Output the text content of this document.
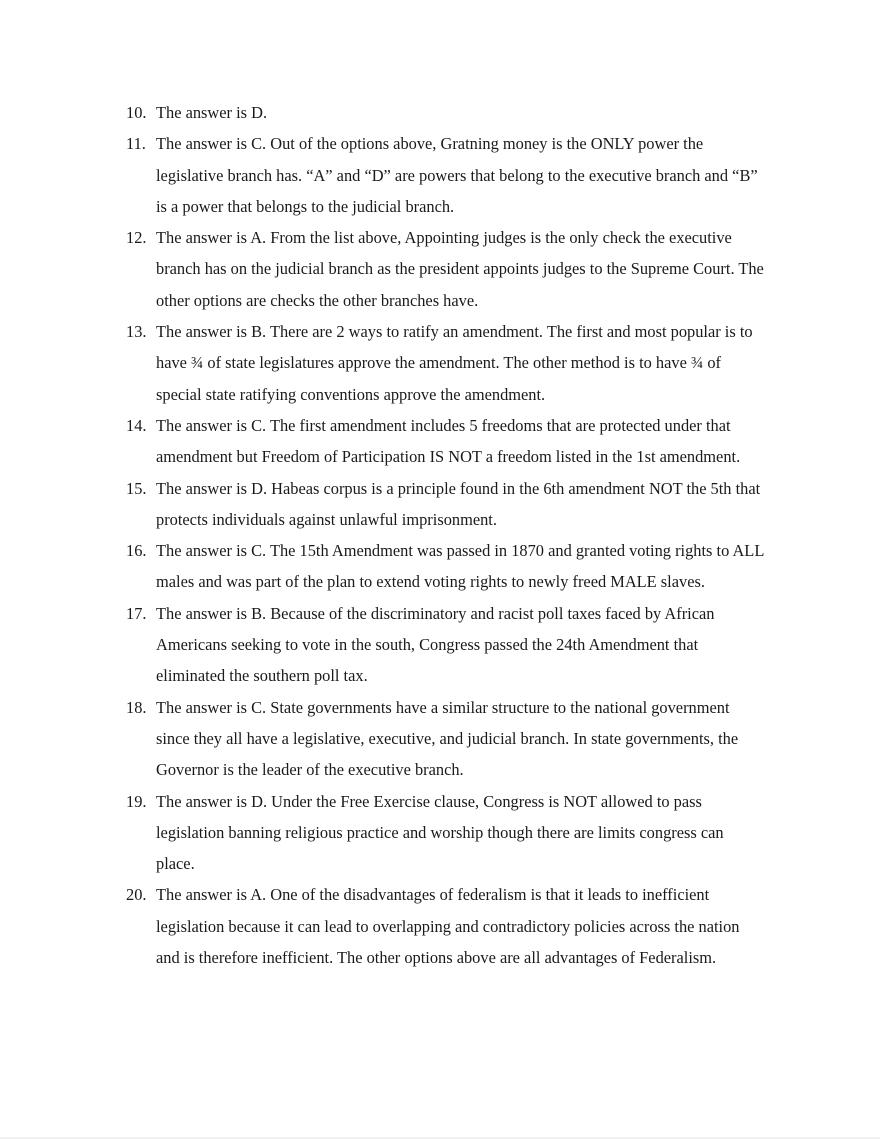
10. The answer is D.
11. The answer is C. Out of the options above, Gratning money is the ONLY power the legislative branch has. “A” and “D” are powers that belong to the executive branch and “B” is a power that belongs to the judicial branch.
12. The answer is A. From the list above, Appointing judges is the only check the executive branch has on the judicial branch as the president appoints judges to the Supreme Court. The other options are checks the other branches have.
13. The answer is B. There are 2 ways to ratify an amendment. The first and most popular is to have ¾ of state legislatures approve the amendment. The other method is to have ¾ of special state ratifying conventions approve the amendment.
14. The answer is C. The first amendment includes 5 freedoms that are protected under that amendment but Freedom of Participation IS NOT a freedom listed in the 1st amendment.
15. The answer is D. Habeas corpus is a principle found in the 6th amendment NOT the 5th that protects individuals against unlawful imprisonment.
16. The answer is C. The 15th Amendment was passed in 1870 and granted voting rights to ALL males and was part of the plan to extend voting rights to newly freed MALE slaves.
17. The answer is B. Because of the discriminatory and racist poll taxes faced by African Americans seeking to vote in the south, Congress passed the 24th Amendment that eliminated the southern poll tax.
18. The answer is C. State governments have a similar structure to the national government since they all have a legislative, executive, and judicial branch. In state governments, the Governor is the leader of the executive branch.
19. The answer is D. Under the Free Exercise clause, Congress is NOT allowed to pass legislation banning religious practice and worship though there are limits congress can place.
20. The answer is A. One of the disadvantages of federalism is that it leads to inefficient legislation because it can lead to overlapping and contradictory policies across the nation and is therefore inefficient. The other options above are all advantages of Federalism.
